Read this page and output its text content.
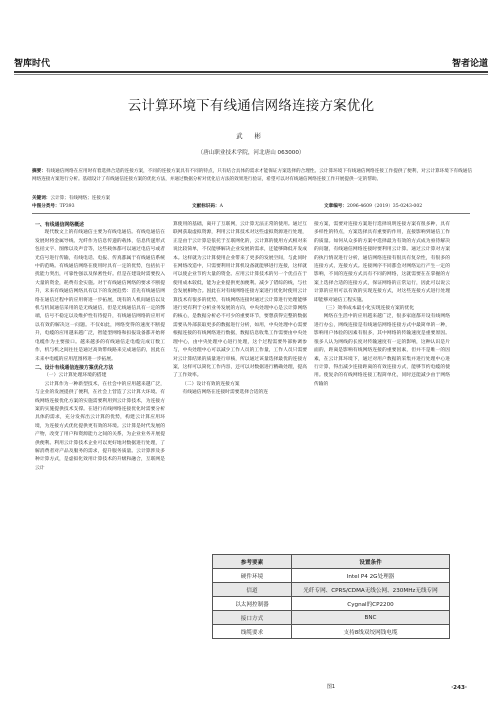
智库时代	智者论道
云计算环境下有线通信网络连接方案优化
武 彬
（唐山职业技术学院，河北唐山 063000）
摘要：有线通信网络在应用时有着选择合适的连接方案，不同的连接方案具有不同的特点，只有结合具体的需求才能保证方案选择的合理性。云计算环境下有线通信网络连接工作提供了便利，对云计算环境下有线通信网络连接方案进行分析。基础设计了有线通信连接方案的优化方法，并通过数据分析对优化后方法的效果进行验证，希望可以对有线通信网络连接工作开展提供一定的帮助。
关键词：云计算；有线网络；连接方案
中图分类号：TP393	文献标识码：A	文章编号：2096-4609（2019）35-0243-002
一、有线通信网络概述

现代数文上的有线通信主要为有线电通信。有线电通信在发展时将金属导线、光纤作为信息传递的载体，信息传递形式包括文字、图像以及声音等，这些载体都可以通过电信号或者光信号进行传输，有线电话、电报、传真都属于有线通信系统中的范畴。有线通信网络在使用时具有一定的优势，包括抗干扰能力突出，可靠性强以及保密性好。但是在建设时需要投入大量的资金，耗费有金实施。对于有线通信网络的要求不断提升，未来有线通信网络具有以下的发展趋势：首先有线通信网络在通信过程中的应用将进一步拓展，现有的人机间通信以及机与机间通信采用的是无线通信，但是无线通信具有一定的弊端，信号不稳定以及维护性有待提升，有线通信网络的应用可以有效的解决这一问题。不仅如此，网络变得的速度不断提升，电缆的应用越来越广泛，智能型网络和扣报设备都开始将电缆作为主要接口。越来越多的有线通信走电缆完成订数工作，机与机之间往往是通过高效带线路来完成通信的，因此在未来中电缆的应用范围将进一步拓展。

二、设计有线通信连接方案优化方法
（一）云计算处理环境的搭建

云计算作为一种新型技术，在社会中的应用越来越广泛，与企业的发展提供了便利，在社会上营造了云计算大环境。有线网络连接优化方案的实施需要利用到云计算技术，为连接方案的实施提供技术支撑。在进行有线网络连接优化时需要分析具体的需求，充分发挥出云计算的优势，构建云计算应用环境，为连接方式优化提供更有效的环境。云计算是时代发展的产物，改变了用户和资源能力之间的关系，为企业业务开展提供便利。利用云计算技术企业可以更好地对数据进行处理，了解消费者对产品及服务的需求，提升服务质量。云计算涉及多种计算方式，是虚拟化效用计算技术的升级和融合，互联网是云计

算使用的基础，离开了互联网，云计算无法正常的使用。通过互联网获取虚拟资源，利用云计算技术对这些虚拟资源进行处理，正是由于云计算是依托于互联网化的，云计算的使用方式相对来说比较简单，不仅能够解决企业发展的需求，还能够降低开发成本。这样就为云计算使用企业带来了更多的发展空间，与此同时在网络改造中，只需要利用计算机设备就能够进行连接，这样就可以使企业节约大量的资金。应用云计算技术的另一个优点在于使用成本较低，能为企业提供更加便利。减少了错综的线，与社会发展相吻合。因此在对有线网络连接方案进行优化时使用云计算技术有很多的优势，有线网络连接时通过云计算进行处理能够进行更有利于分析业务发展的方向，中央处理中心是云计算网络的核心，是数据分析必不可少的重要环节，要想获得完整的数据需要从外部获取更多的数据进行分析，如用，中央处理中心需要根据连接的有线网络进行数据，数据信息收集工作需要由中央处理中心，由中央处理中心进行处理，这个过程需要外部协调参与，中央处理中心可以减少工作人员的工作量，工作人员只需要对云计算结果的质量进行审核，所以通过该量选择最优的连接方案，这样可以简化工作内容，还可以对数据进行精确处理，提高了工作效率。

（二）设计有效的连接方案

有线通信网络在连接时需要选择合适的连

接方案，需要对连接方案进行选择说明连接方案有很多种，具有多样性的特点，方案选择具有重要的作用，直接影响到通信工作的质量。如何从众多的方案中选择最为有效的方式成为亟待解决的问题，有线通信网络连接时要利用云计算。通过云计算对方案的执行情况进行分析，通信网络连接有很具有复杂性，有很多的连接方式，连接方式。连接网序不同都会对网络运行产生一定的影响，不同的连接方式具有不同的网络，这就需要在在掌握的方案上选择合适的连接方式，保证网络的正常运行，因此可以说云计算的应用可以有效的实现连接方式，对这些连接方式进行处理即能够对通信工程实施。

（三）效率成本最小化实现连接方案的优化

网络在生活中的应用越来越广泛，很多家庭都开设有线网络进行办公，网线连接是有线通信网络连接方式中最简单的一种，影响用户体验的因素有很多，其中网络的传输速度是重要原因。很多人认为网线的长度对传输速度有一定的影响，这种认识是片面的，距离是影响有线网络连接的重要因素，但并不是唯一的因素，在云计算环境下，通过对用户数据的采集并进行处理中心进行计算，得出减少连接距离的有效连接方式，能够节约电缆的使用。使复杂的有线网络连接工程简单化，同时还能减少由于网络传输的

参考要素	设置条件
硬件环境	Intel P4 2G处理器
信道	光纤专网、CPRS/CDMA无线公网、230MHz无线专网
以太网控制器	Cygnal的CP2200
接口方式	BNC
线缆要求	支持8线双绞网钱电缆
图1	·243·
